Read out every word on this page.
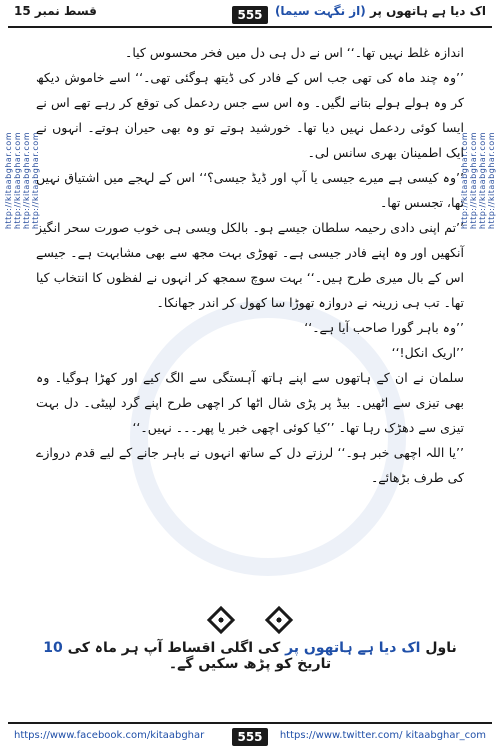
اک دیا ہے ہاتھوں پر (از نگہت سیما)
555
قسط نمبر 15
http://kitaabghar.com http://kitaabghar.com http://kitaabghar.com http://kitaabghar.com	http://kitaabghar.com http://kitaabghar.com http://kitaabghar.com http://kitaabghar.com

اندازہ غلط نہیں تھا۔‘‘ اس نے دل ہی دل میں فخر محسوس کیا۔

’’وہ چند ماہ کی تھی جب اس کے فادر کی ڈیتھ ہوگئی تھی۔‘‘ اسے خاموش دیکھ کر وہ ہولے ہولے بتانے لگیں۔ وہ اس سے جس ردعمل کی توقع کر رہے تھے اس نے ایسا کوئی ردعمل نہیں دیا تھا۔ خورشید ہوتے تو وہ بھی حیران ہوتے۔ انہوں نے ایک اطمینان بھری سانس لی۔

’’وہ کیسی ہے میرے جیسی یا آپ اور ڈیڈ جیسی؟‘‘ اس کے لہجے میں اشتیاق نہیں تھا، تجسس تھا۔

’’تم اپنی دادی رحیمہ سلطان جیسے ہو۔ بالکل ویسی ہی خوب صورت سحر انگیز آنکھیں اور وہ اپنے فادر جیسی ہے۔ تھوڑی بہت مجھ سے بھی مشابہت ہے۔ جیسے اس کے بال میری طرح ہیں۔‘‘ بہت سوچ سمجھ کر انہوں نے لفظوں کا انتخاب کیا تھا۔ تب ہی زرینہ نے دروازہ تھوڑا سا کھول کر اندر جھانکا۔

’’وہ باہر گورا صاحب آیا ہے۔‘‘

’’اریک انکل!‘‘

سلمان نے ان کے ہاتھوں سے اپنے ہاتھ آہستگی سے الگ کیے اور کھڑا ہوگیا۔ وہ بھی تیزی سے اٹھیں۔ بیڈ پر پڑی شال اٹھا کر اچھی طرح اپنے گرد لپیٹی۔ دل بہت تیزی سے دھڑک رہا تھا۔ ’’کیا کوئی اچھی خبر یا پھر۔۔۔ نہیں۔‘‘

’’یا اللہ اچھی خبر ہو۔‘‘ لرزتے دل کے ساتھ انہوں نے باہر جانے کے لیے قدم دروازے کی طرف بڑھائے۔

ناول اک دیا ہے ہاتھوں پر کی اگلی اقساط آپ ہر ماہ کی 10 تاریخ کو پڑھ سکیں گے۔
https://www.facebook.com/kitaabghar	555	https://www.twitter.com/ kitaabghar_com
